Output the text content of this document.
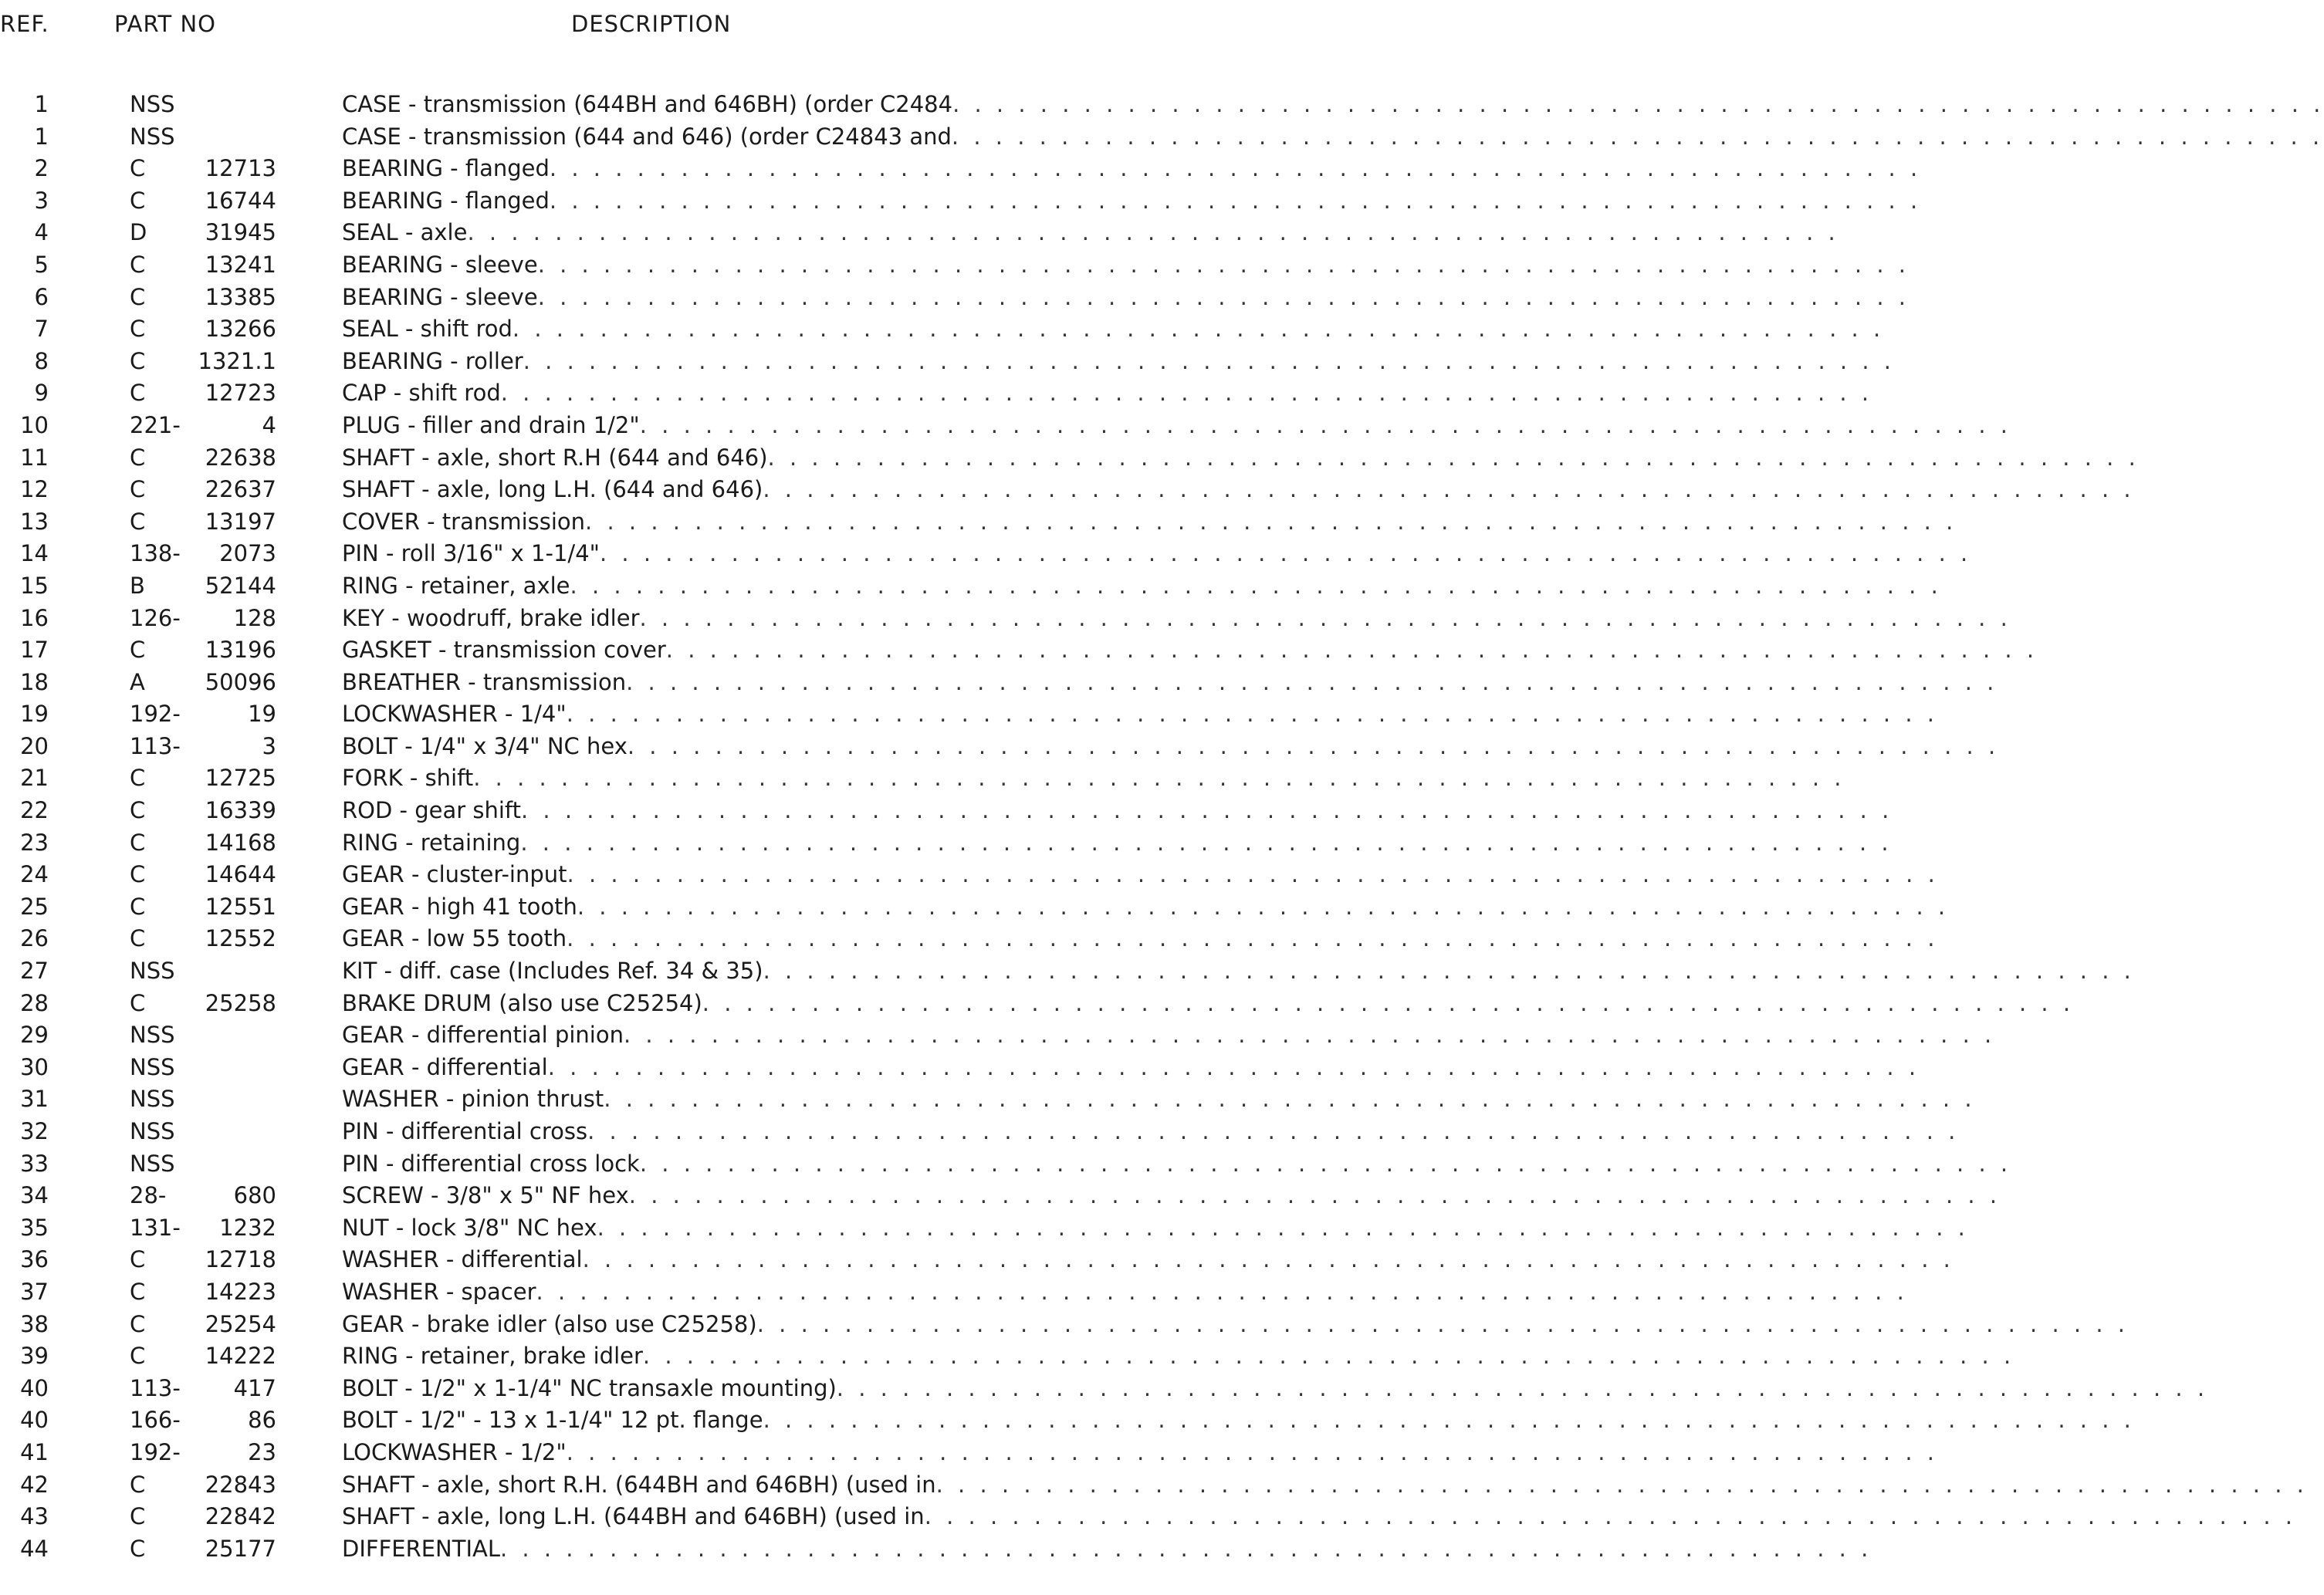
REF.	PART NO	DESCRIPTION
1	NSS	CASE - transmission (644BH and 646BH) (order C2484 . . . . . . . . . . . . . . . . . . . . . . . . . . . . . . . . . . . . . . . . . . . . . . . . . . . . . . . . . . . . . . .
1	NSS	CASE - transmission (644 and 646) (order C24843 and . . . . . . . . . . . . . . . . . . . . . . . . . . . . . . . . . . . . . . . . . . . . . . . . . . . . . . . . . . . . . . .
2	C	12713	BEARING - flanged . . . . . . . . . . . . . . . . . . . . . . . . . . . . . . . . . . . . . . . . . . . . . . . . . . . . . . . . . . . . . . .
3	C	16744	BEARING - flanged . . . . . . . . . . . . . . . . . . . . . . . . . . . . . . . . . . . . . . . . . . . . . . . . . . . . . . . . . . . . . . .
4	D	31945	SEAL - axle . . . . . . . . . . . . . . . . . . . . . . . . . . . . . . . . . . . . . . . . . . . . . . . . . . . . . . . . . . . . . . .
5	C	13241	BEARING - sleeve . . . . . . . . . . . . . . . . . . . . . . . . . . . . . . . . . . . . . . . . . . . . . . . . . . . . . . . . . . . . . . .
6	C	13385	BEARING - sleeve . . . . . . . . . . . . . . . . . . . . . . . . . . . . . . . . . . . . . . . . . . . . . . . . . . . . . . . . . . . . . . .
7	C	13266	SEAL - shift rod . . . . . . . . . . . . . . . . . . . . . . . . . . . . . . . . . . . . . . . . . . . . . . . . . . . . . . . . . . . . . . .
8	C 1321.1	BEARING - roller . . . . . . . . . . . . . . . . . . . . . . . . . . . . . . . . . . . . . . . . . . . . . . . . . . . . . . . . . . . . . . .
9	C	12723	CAP - shift rod . . . . . . . . . . . . . . . . . . . . . . . . . . . . . . . . . . . . . . . . . . . . . . . . . . . . . . . . . . . . . . .
10	221-	4	PLUG - filler and drain 1/2" . . . . . . . . . . . . . . . . . . . . . . . . . . . . . . . . . . . . . . . . . . . . . . . . . . . . . . . . . . . . . . .
11	C	22638	SHAFT - axle, short R.H (644 and 646) . . . . . . . . . . . . . . . . . . . . . . . . . . . . . . . . . . . . . . . . . . . . . . . . . . . . . . . . . . . . . . .
12	C	22637	SHAFT - axle, long L.H. (644 and 646) . . . . . . . . . . . . . . . . . . . . . . . . . . . . . . . . . . . . . . . . . . . . . . . . . . . . . . . . . . . . . . .
13	C	13197	COVER - transmission . . . . . . . . . . . . . . . . . . . . . . . . . . . . . . . . . . . . . . . . . . . . . . . . . . . . . . . . . . . . . . .
14	138- 2073	PIN - roll 3/16" x 1-1/4" . . . . . . . . . . . . . . . . . . . . . . . . . . . . . . . . . . . . . . . . . . . . . . . . . . . . . . . . . . . . . . .
15	B	52144	RING - retainer, axle . . . . . . . . . . . . . . . . . . . . . . . . . . . . . . . . . . . . . . . . . . . . . . . . . . . . . . . . . . . . . . .
16	126- 128	KEY - woodruff, brake idler . . . . . . . . . . . . . . . . . . . . . . . . . . . . . . . . . . . . . . . . . . . . . . . . . . . . . . . . . . . . . . .
17	C	13196	GASKET - transmission cover . . . . . . . . . . . . . . . . . . . . . . . . . . . . . . . . . . . . . . . . . . . . . . . . . . . . . . . . . . . . . . .
18	A	50096	BREATHER - transmission . . . . . . . . . . . . . . . . . . . . . . . . . . . . . . . . . . . . . . . . . . . . . . . . . . . . . . . . . . . . . . .
19	192-	19	LOCKWASHER - 1/4" . . . . . . . . . . . . . . . . . . . . . . . . . . . . . . . . . . . . . . . . . . . . . . . . . . . . . . . . . . . . . . .
20	113-	3	BOLT - 1/4" x 3/4" NC hex . . . . . . . . . . . . . . . . . . . . . . . . . . . . . . . . . . . . . . . . . . . . . . . . . . . . . . . . . . . . . . .
21	C	12725	FORK - shift . . . . . . . . . . . . . . . . . . . . . . . . . . . . . . . . . . . . . . . . . . . . . . . . . . . . . . . . . . . . . . .
22	C	16339	ROD - gear shift . . . . . . . . . . . . . . . . . . . . . . . . . . . . . . . . . . . . . . . . . . . . . . . . . . . . . . . . . . . . . . .
23	C	14168	RING - retaining . . . . . . . . . . . . . . . . . . . . . . . . . . . . . . . . . . . . . . . . . . . . . . . . . . . . . . . . . . . . . . .
24	C	14644	GEAR - cluster-input . . . . . . . . . . . . . . . . . . . . . . . . . . . . . . . . . . . . . . . . . . . . . . . . . . . . . . . . . . . . . . .
25	C	12551	GEAR - high 41 tooth . . . . . . . . . . . . . . . . . . . . . . . . . . . . . . . . . . . . . . . . . . . . . . . . . . . . . . . . . . . . . . .
26	C	12552	GEAR - low 55 tooth . . . . . . . . . . . . . . . . . . . . . . . . . . . . . . . . . . . . . . . . . . . . . . . . . . . . . . . . . . . . . . .
27	NSS	KIT - diff. case (Includes Ref. 34 & 35) . . . . . . . . . . . . . . . . . . . . . . . . . . . . . . . . . . . . . . . . . . . . . . . . . . . . . . . . . . . . . . .
28	C	25258	BRAKE DRUM (also use C25254) . . . . . . . . . . . . . . . . . . . . . . . . . . . . . . . . . . . . . . . . . . . . . . . . . . . . . . . . . . . . . . .
29	NSS	GEAR - differential pinion . . . . . . . . . . . . . . . . . . . . . . . . . . . . . . . . . . . . . . . . . . . . . . . . . . . . . . . . . . . . . . .
30	NSS	GEAR - differential . . . . . . . . . . . . . . . . . . . . . . . . . . . . . . . . . . . . . . . . . . . . . . . . . . . . . . . . . . . . . . .
31	NSS	WASHER - pinion thrust . . . . . . . . . . . . . . . . . . . . . . . . . . . . . . . . . . . . . . . . . . . . . . . . . . . . . . . . . . . . . . .
32	NSS	PIN - differential cross . . . . . . . . . . . . . . . . . . . . . . . . . . . . . . . . . . . . . . . . . . . . . . . . . . . . . . . . . . . . . . .
33	NSS	PIN - differential cross lock . . . . . . . . . . . . . . . . . . . . . . . . . . . . . . . . . . . . . . . . . . . . . . . . . . . . . . . . . . . . . . .
34	28-	680	SCREW - 3/8" x 5" NF hex . . . . . . . . . . . . . . . . . . . . . . . . . . . . . . . . . . . . . . . . . . . . . . . . . . . . . . . . . . . . . . .
35	131- 1232	NUT - lock 3/8" NC hex . . . . . . . . . . . . . . . . . . . . . . . . . . . . . . . . . . . . . . . . . . . . . . . . . . . . . . . . . . . . . . .
36	C	12718	WASHER - differential . . . . . . . . . . . . . . . . . . . . . . . . . . . . . . . . . . . . . . . . . . . . . . . . . . . . . . . . . . . . . . .
37	C	14223	WASHER - spacer . . . . . . . . . . . . . . . . . . . . . . . . . . . . . . . . . . . . . . . . . . . . . . . . . . . . . . . . . . . . . . .
38	C	25254	GEAR - brake idler (also use C25258) . . . . . . . . . . . . . . . . . . . . . . . . . . . . . . . . . . . . . . . . . . . . . . . . . . . . . . . . . . . . . . .
39	C	14222	RING - retainer, brake idler . . . . . . . . . . . . . . . . . . . . . . . . . . . . . . . . . . . . . . . . . . . . . . . . . . . . . . . . . . . . . . .
40	113- 417	BOLT - 1/2" x 1-1/4" NC transaxle mounting) . . . . . . . . . . . . . . . . . . . . . . . . . . . . . . . . . . . . . . . . . . . . . . . . . . . . . . . . . . . . . . .
40	166-	86	BOLT - 1/2" - 13 x 1-1/4" 12 pt. flange . . . . . . . . . . . . . . . . . . . . . . . . . . . . . . . . . . . . . . . . . . . . . . . . . . . . . . . . . . . . . . .
41	192-	23	LOCKWASHER - 1/2" . . . . . . . . . . . . . . . . . . . . . . . . . . . . . . . . . . . . . . . . . . . . . . . . . . . . . . . . . . . . . . .
42	C	22843	SHAFT - axle, short R.H. (644BH and 646BH) (used in . . . . . . . . . . . . . . . . . . . . . . . . . . . . . . . . . . . . . . . . . . . . . . . . . . . . . . . . . . . . . . .
43	C	22842	SHAFT - axle, long L.H. (644BH and 646BH) (used in . . . . . . . . . . . . . . . . . . . . . . . . . . . . . . . . . . . . . . . . . . . . . . . . . . . . . . . . . . . . . . .
44	C	25177	DIFFERENTIAL . . . . . . . . . . . . . . . . . . . . . . . . . . . . . . . . . . . . . . . . . . . . . . . . . . . . . . . . . . . . . . .
